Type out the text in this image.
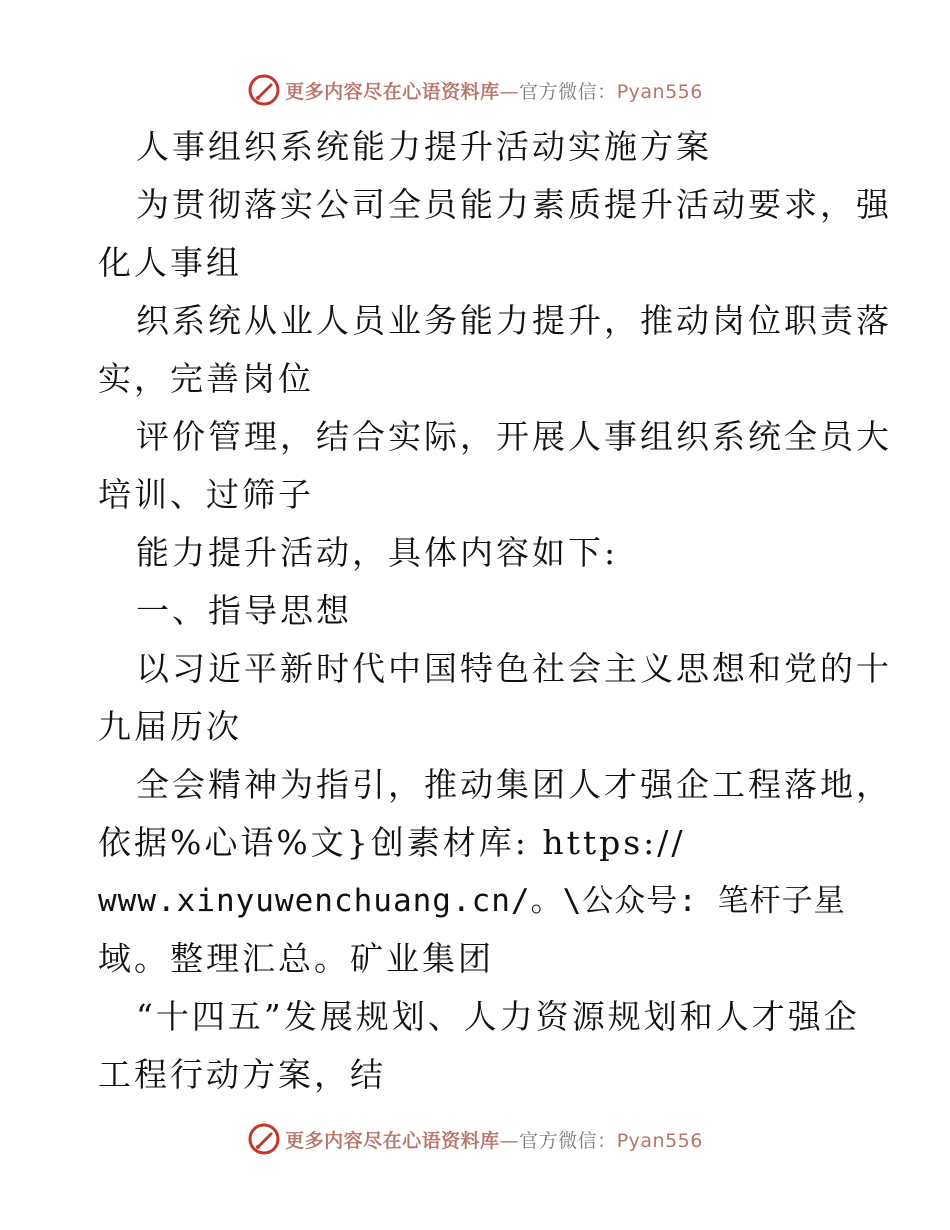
更多内容尽在心语资料库—官方微信：Pyan556
人事组织系统能力提升活动实施方案
为贯彻落实公司全员能力素质提升活动要求，强
化人事组
织系统从业人员业务能力提升，推动岗位职责落
实，完善岗位
评价管理，结合实际，开展人事组织系统全员大
培训、过筛子
能力提升活动，具体内容如下:
一、指导思想
以习近平新时代中国特色社会主义思想和党的十
九届历次
全会精神为指引，推动集团人才强企工程落地，
依据%心语%文}创素材库: https://
www.xinyuwenchuang.cn/。\公众号: 笔杆子星
域。整理汇总。矿业集团
“十四五”发展规划、人力资源规划和人才强企
工程行动方案，结
更多内容尽在心语资料库—官方微信：Pyan556
